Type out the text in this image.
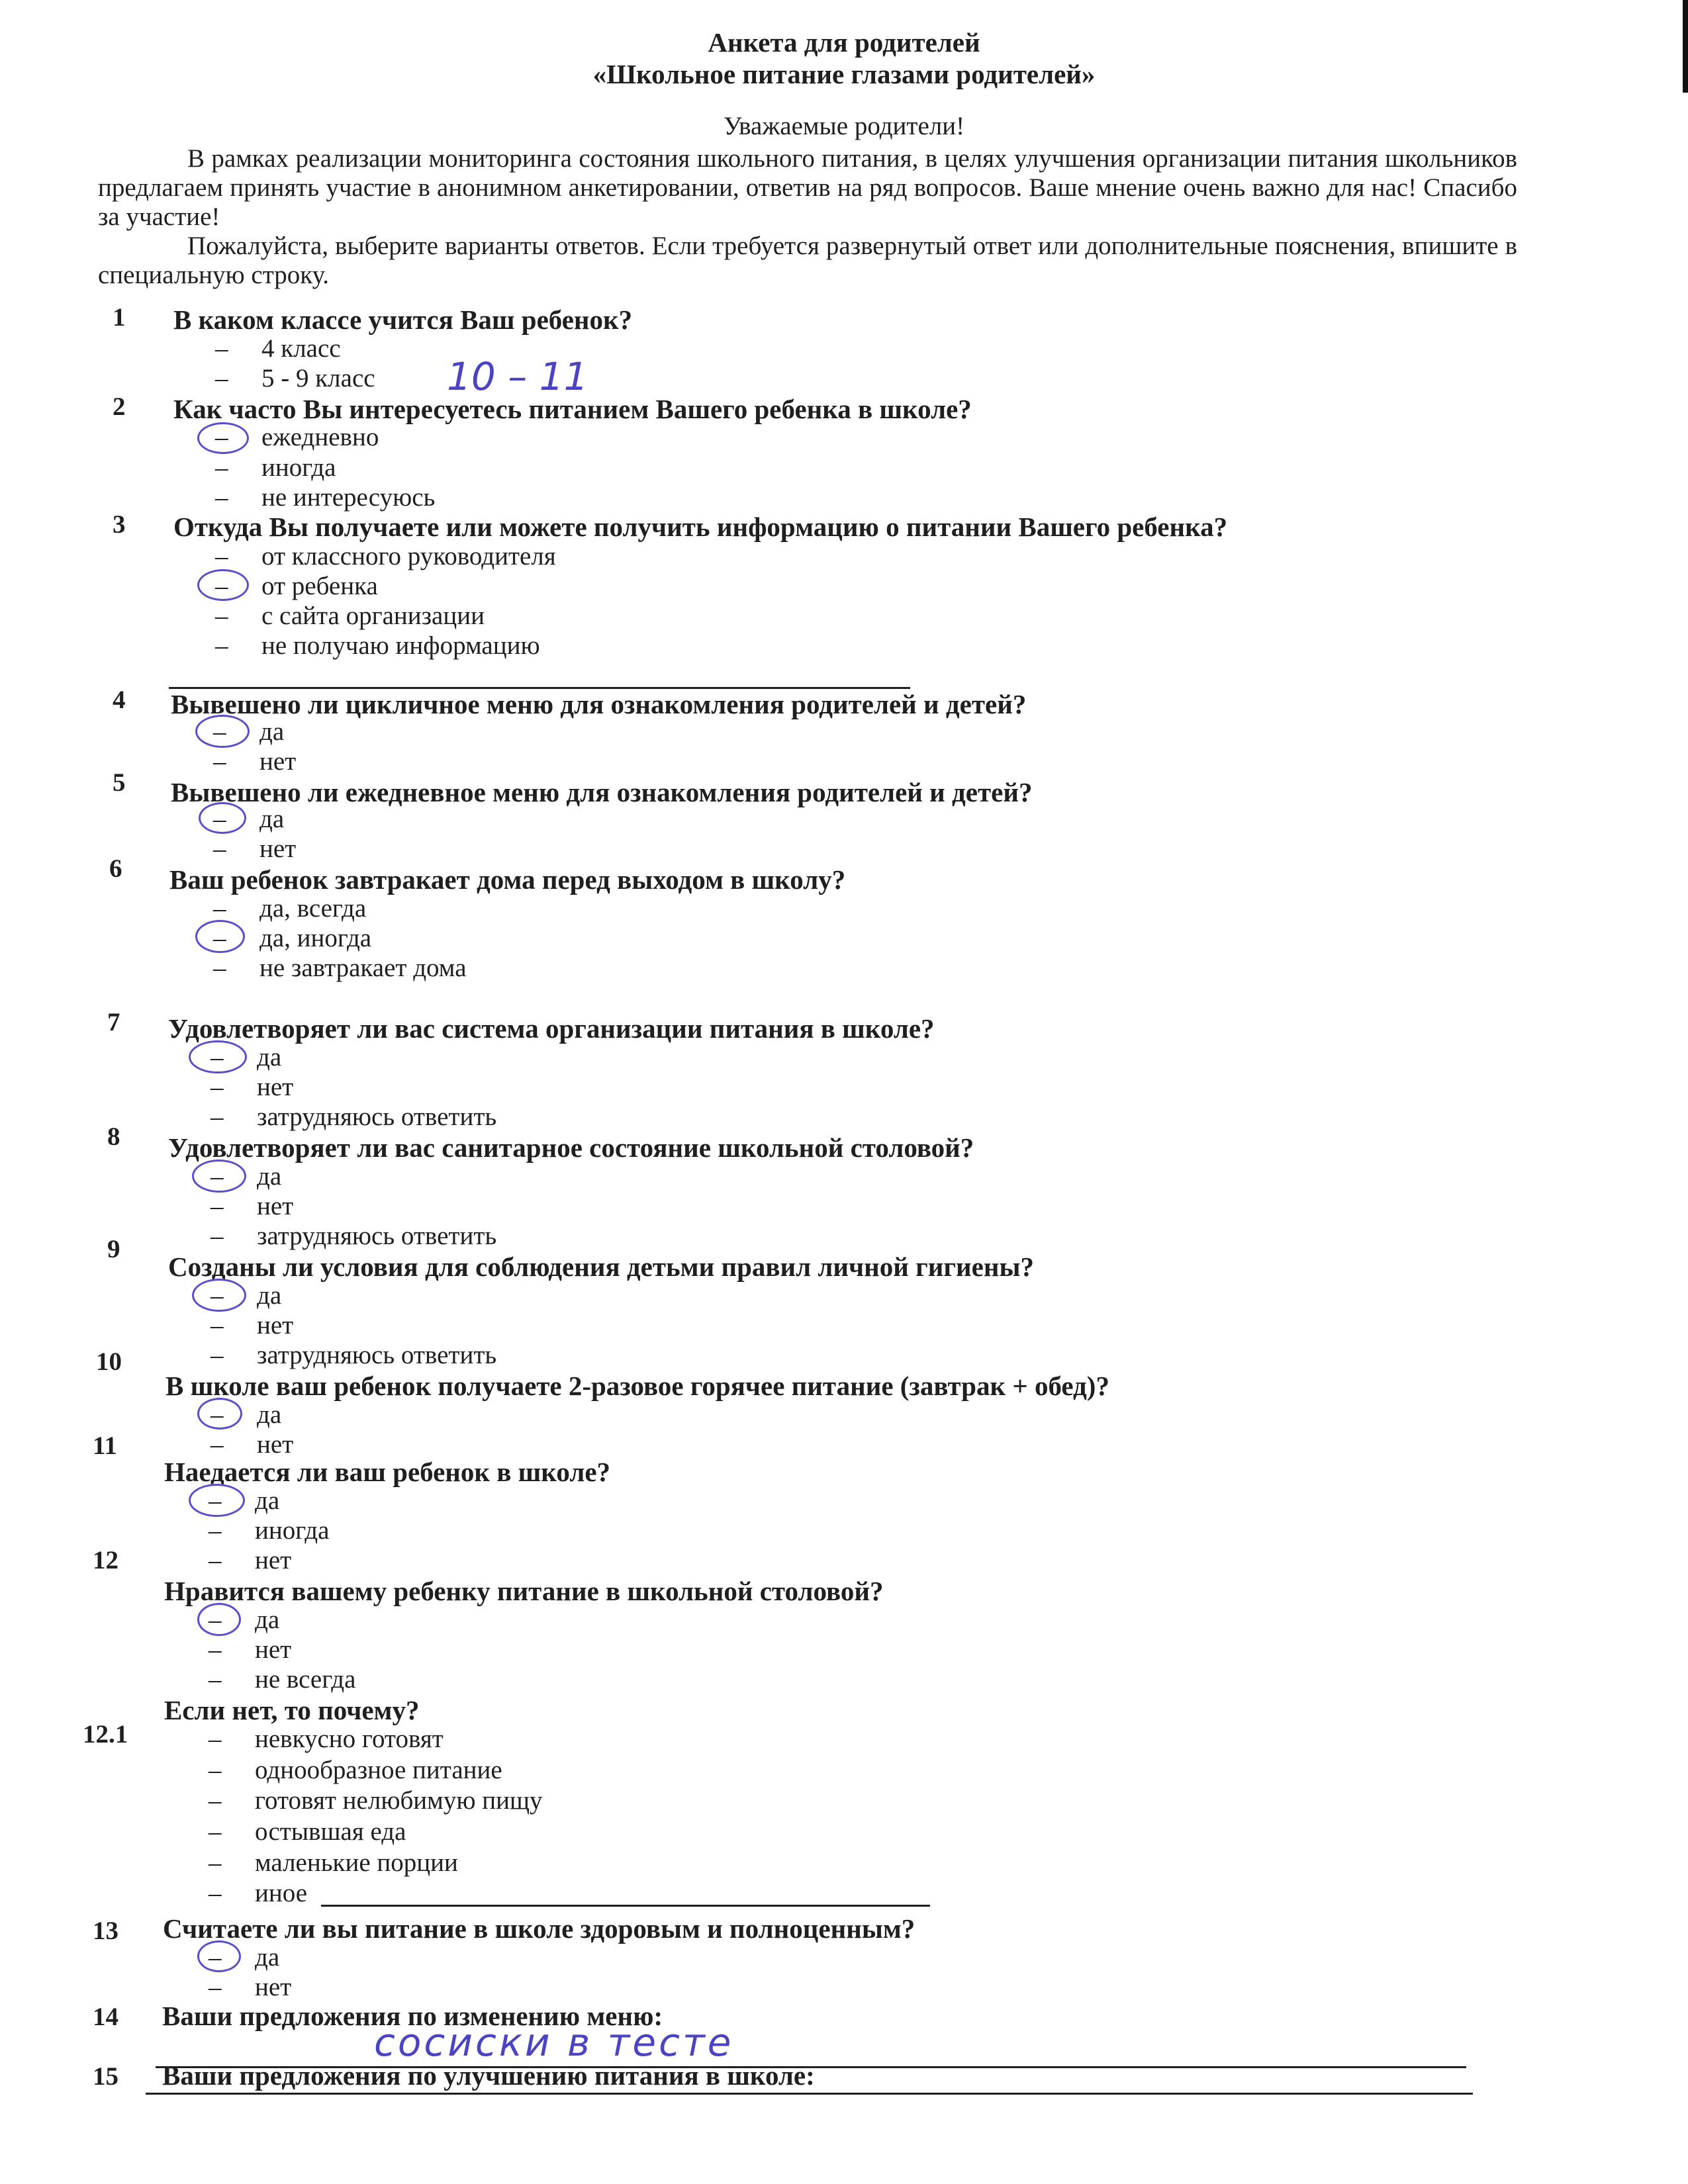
Анкета для родителей
«Школьное питание глазами родителей»
Уважаемые родители!

В рамках реализации мониторинга состояния школьного питания, в целях улучшения организации питания школьников предлагаем принять участие в анонимном анкетировании, ответив на ряд вопросов. Ваше мнение очень важно для нас! Спасибо за участие!

Пожалуйста, выберите варианты ответов. Если требуется развернутый ответ или дополнительные пояснения, впишите в специальную строку.

1 В каком классе учится Ваш ребенок?
– 4 класс
– 5 - 9 класс 10 – 11
2 Как часто Вы интересуетесь питанием Вашего ребенка в школе?
– ежедневно
– иногда
– не интересуюсь
3 Откуда Вы получаете или можете получить информацию о питании Вашего ребенка?
– от классного руководителя
– от ребенка
– с сайта организации
– не получаю информацию
4 Вывешено ли цикличное меню для ознакомления родителей и детей?
– да
– нет
5 Вывешено ли ежедневное меню для ознакомления родителей и детей?
– да
– нет
6 Ваш ребенок завтракает дома перед выходом в школу?
– да, всегда
– да, иногда
– не завтракает дома
7 Удовлетворяет ли вас система организации питания в школе?
– да
– нет
– затрудняюсь ответить
8 Удовлетворяет ли вас санитарное состояние школьной столовой?
– да
– нет
– затрудняюсь ответить
9
Созданы ли условия для соблюдения детьми правил личной гигиены?
– да
– нет
– затрудняюсь ответить
10
В школе ваш ребенок получаете 2-разовое горячее питание (завтрак + обед)?
– да
– нет
11
Наедается ли ваш ребенок в школе?
– да
– иногда
– нет
12
Нравится вашему ребенку питание в школьной столовой?
– да
– нет
– не всегда
12.1
Если нет, то почему?
– невкусно готовят
– однообразное питание
– готовят нелюбимую пищу
– остывшая еда
– маленькие порции
– иное
13 Считаете ли вы питание в школе здоровым и полноценным?
– да
– нет
14 Ваши предложения по изменению меню:
сосиски в тесте
15 Ваши предложения по улучшению питания в школе:
